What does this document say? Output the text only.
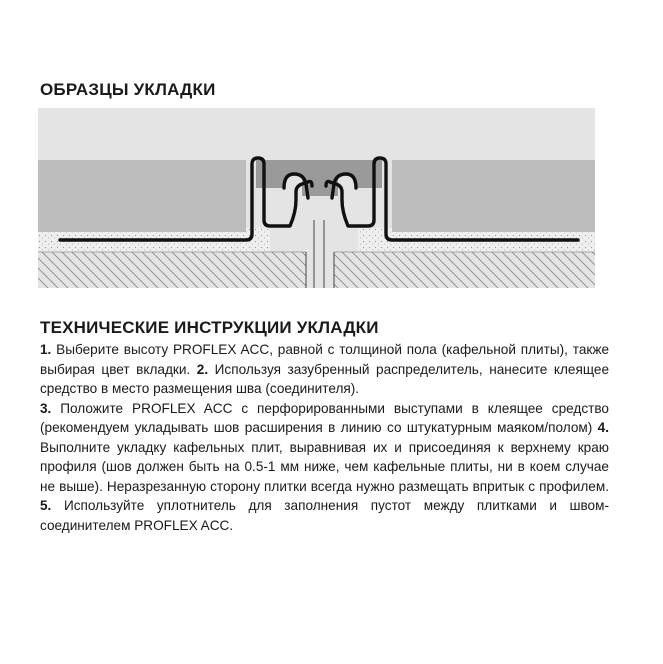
ОБРАЗЦЫ УКЛАДКИ
ТЕХНИЧЕСКИЕ ИНСТРУКЦИИ УКЛАДКИ

1. Выберите высоту PROFLEX ACC, равной с толщиной пола (кафельной плиты), также выбирая цвет вкладки. 2. Используя зазубренный распределитель, нанесите клеящее средство в место размещения шва (соединителя).
3. Положите PROFLEX ACC с перфорированными выступами в клеящее средство (рекомендуем укладывать шов расширения в линию со штукатурным маяком/полом) 4. Выполните укладку кафельных плит, выравнивая их и присоединяя к верхнему краю профиля (шов должен быть на 0.5-1 мм ниже, чем кафельные плиты, ни в коем случае не выше). Неразрезанную сторону плитки всегда нужно размещать впритык с профилем. 5. Используйте уплотнитель для заполнения пустот между плитками и швом-соединителем PROFLEX ACC.
